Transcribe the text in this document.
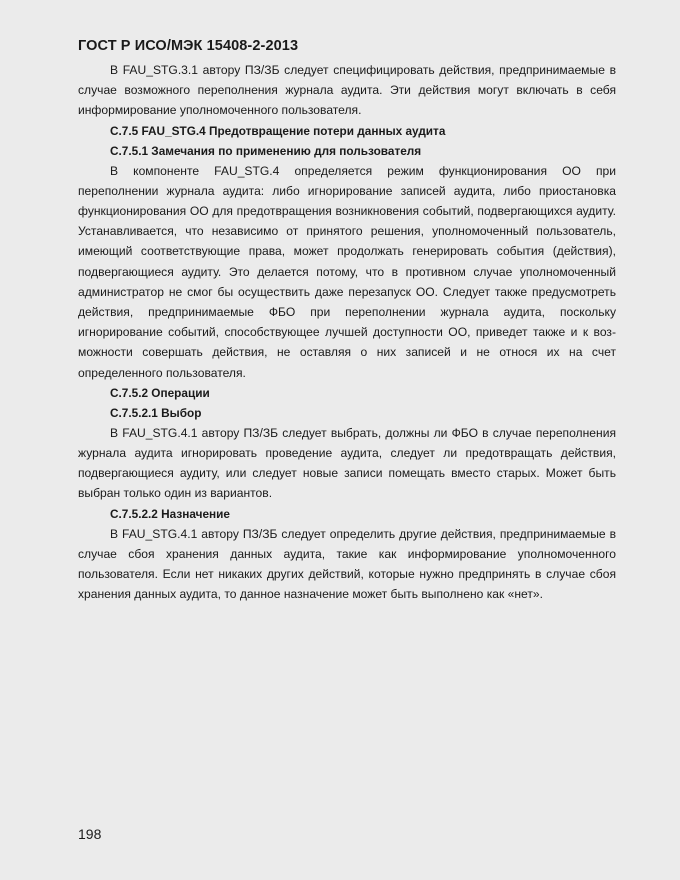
ГОСТ Р ИСО/МЭК 15408-2-2013

В FAU_STG.3.1 автору ПЗ/ЗБ следует специфицировать действия, предпринимаемые в случае возможного переполнения журнала аудита. Эти действия могут включать в себя информирование уполномоченного пользователя.

С.7.5 FAU_STG.4 Предотвращение потери данных аудита
С.7.5.1 Замечания по применению для пользователя

В компоненте FAU_STG.4 определяется режим функционирования ОО при переполнении журнала аудита: либо игнорирование записей аудита, либо приостановка функционирования ОО для предотвращения возникновения событий, подвергающихся аудиту. Устанавливается, что независимо от принятого решения, уполномоченный пользователь, имеющий соответствующие права, может продолжать генерировать события (действия), подвергающиеся аудиту. Это делается потому, что в противном случае уполномоченный администратор не смог бы осуществить даже перезапуск ОО. Следует также предусмотреть действия, предпринимаемые ФБО при переполнении журнала аудита, поскольку игнорирование событий, способствующее лучшей доступности ОО, приведет также и к возможности совершать действия, не оставляя о них записей и не относя их на счет определенного пользователя.

С.7.5.2 Операции
С.7.5.2.1 Выбор

В FAU_STG.4.1 автору ПЗ/ЗБ следует выбрать, должны ли ФБО в случае переполнения журнала аудита игнорировать проведение аудита, следует ли предотвращать действия, подвергающиеся аудиту, или следует новые записи помещать вместо старых. Может быть выбран только один из вариантов.

С.7.5.2.2 Назначение

В FAU_STG.4.1 автору ПЗ/ЗБ следует определить другие действия, предпринимаемые в случае сбоя хранения данных аудита, такие как информирование уполномоченного пользователя. Если нет никаких других действий, которые нужно предпринять в случае сбоя хранения данных аудита, то данное назначение может быть выполнено как «нет».

198
